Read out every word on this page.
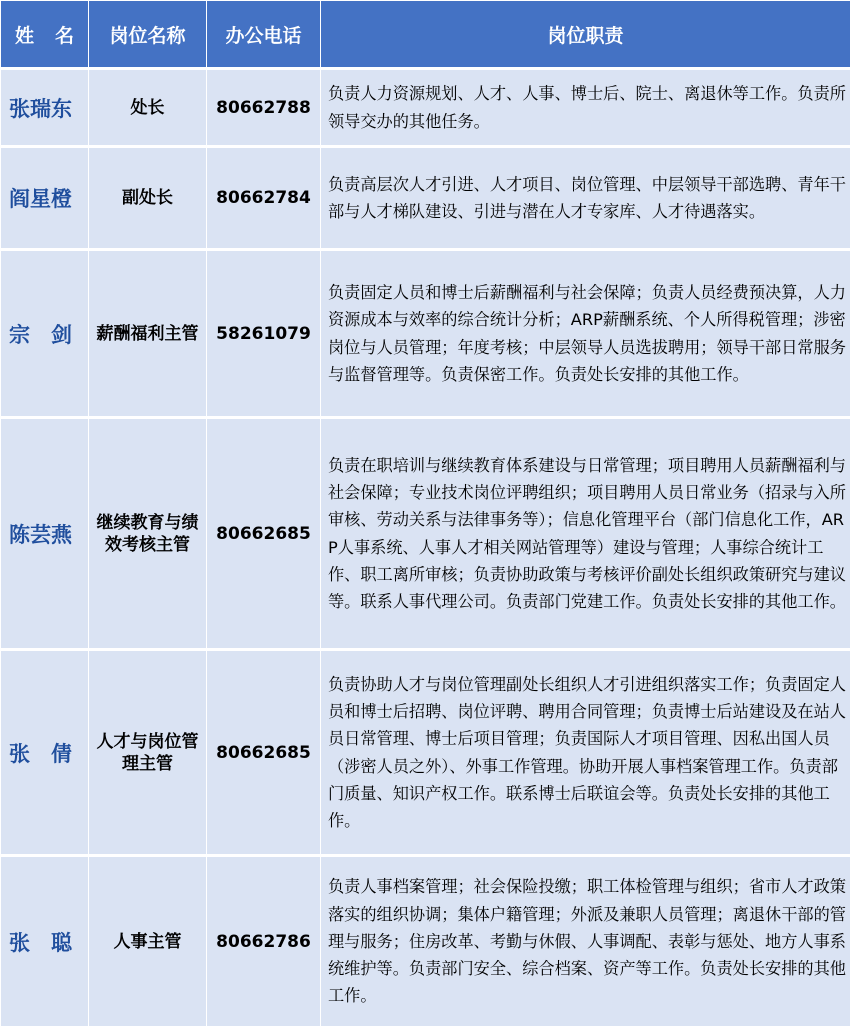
姓　名	岗位名称	办公电话	岗位职责
张瑞东	处长	80662788	负责人力资源规划、人才、人事、博士后、院士、离退休等工作。负责所领导交办的其他任务。
阎星橙	副处长	80662784	负责高层次人才引进、人才项目、岗位管理、中层领导干部选聘、青年干部与人才梯队建设、引进与潜在人才专家库、人才待遇落实。
宗　剑	薪酬福利主管	58261079	负责固定人员和博士后薪酬福利与社会保障；负责人员经费预决算，人力资源成本与效率的综合统计分析；ARP薪酬系统、个人所得税管理；涉密岗位与人员管理；年度考核；中层领导人员选拔聘用；领导干部日常服务与监督管理等。负责保密工作。负责处长安排的其他工作。
陈芸燕	继续教育与绩效考核主管	80662685	负责在职培训与继续教育体系建设与日常管理；项目聘用人员薪酬福利与社会保障；专业技术岗位评聘组织；项目聘用人员日常业务（招录与入所审核、劳动关系与法律事务等）；信息化管理平台（部门信息化工作，ARP人事系统、人事人才相关网站管理等）建设与管理；人事综合统计工作、职工离所审核；负责协助政策与考核评价副处长组织政策研究与建议等。联系人事代理公司。负责部门党建工作。负责处长安排的其他工作。
张　倩	人才与岗位管理主管	80662685	负责协助人才与岗位管理副处长组织人才引进组织落实工作；负责固定人员和博士后招聘、岗位评聘、聘用合同管理；负责博士后站建设及在站人员日常管理、博士后项目管理；负责国际人才项目管理、因私出国人员（涉密人员之外）、外事工作管理。协助开展人事档案管理工作。负责部门质量、知识产权工作。联系博士后联谊会等。负责处长安排的其他工作。
张　聪	人事主管	80662786	负责人事档案管理；社会保险投缴；职工体检管理与组织；省市人才政策落实的组织协调；集体户籍管理；外派及兼职人员管理；离退休干部的管理与服务；住房改革、考勤与休假、人事调配、表彰与惩处、地方人事系统维护等。负责部门安全、综合档案、资产等工作。负责处长安排的其他工作。
